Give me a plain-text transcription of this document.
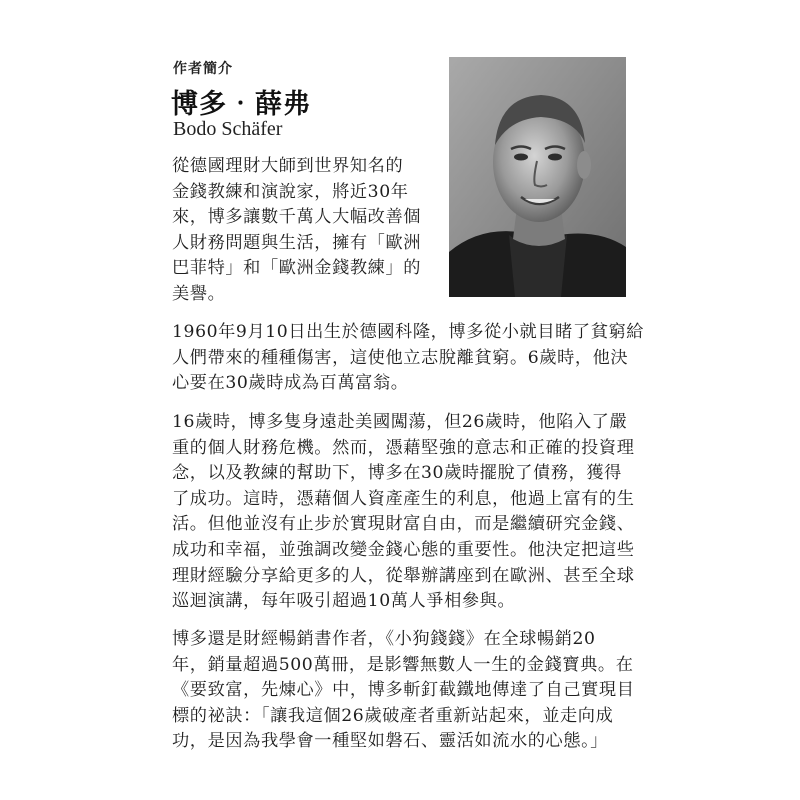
作者簡介
博多‧薛弗
Bodo Schäfer

從德國理財大師到世界知名的
金錢教練和演說家，將近30年
來，博多讓數千萬人大幅改善個
人財務問題與生活，擁有「歐洲
巴菲特」和「歐洲金錢教練」的
美譽。

1960年9月10日出生於德國科隆，博多從小就目睹了貧窮給
人們帶來的種種傷害，這使他立志脫離貧窮。6歲時，他決
心要在30歲時成為百萬富翁。

16歲時，博多隻身遠赴美國闖蕩，但26歲時，他陷入了嚴
重的個人財務危機。然而，憑藉堅強的意志和正確的投資理
念，以及教練的幫助下，博多在30歲時擺脫了債務，獲得
了成功。這時，憑藉個人資產產生的利息，他過上富有的生
活。但他並沒有止步於實現財富自由，而是繼續研究金錢、
成功和幸福，並強調改變金錢心態的重要性。他決定把這些
理財經驗分享給更多的人，從舉辦講座到在歐洲、甚至全球
巡迴演講，每年吸引超過10萬人爭相參與。

博多還是財經暢銷書作者，《小狗錢錢》在全球暢銷20
年，銷量超過500萬冊，是影響無數人一生的金錢寶典。在
《要致富，先煉心》中，博多斬釘截鐵地傳達了自己實現目
標的祕訣：「讓我這個26歲破產者重新站起來，並走向成
功，是因為我學會一種堅如磐石、靈活如流水的心態。」
